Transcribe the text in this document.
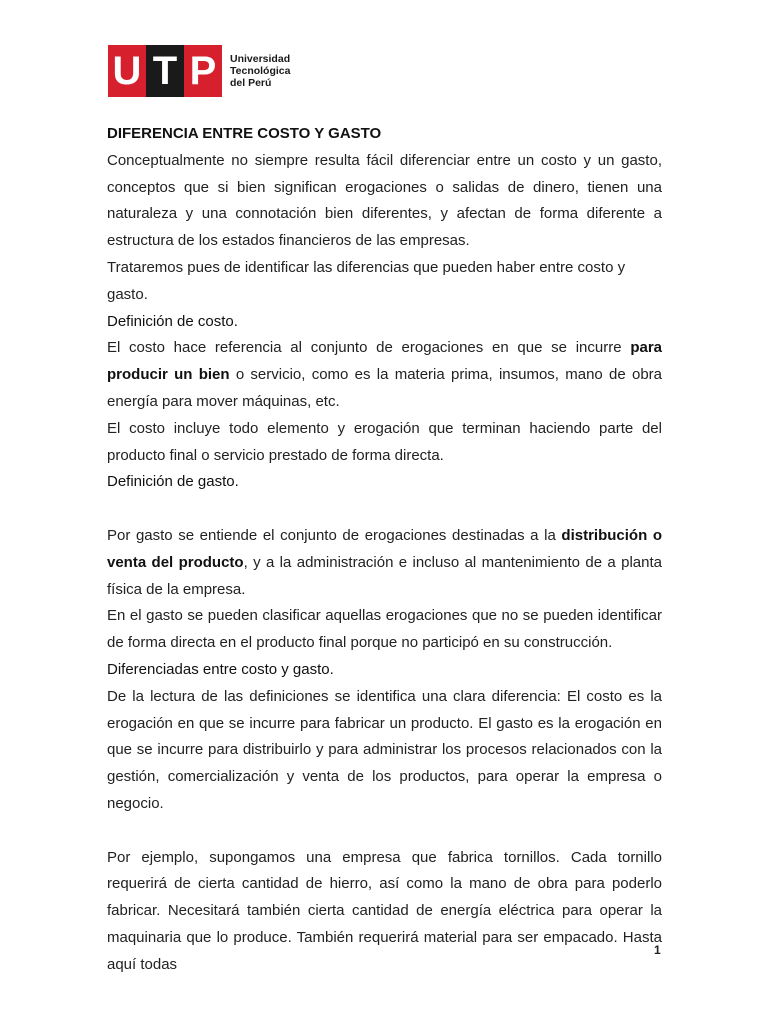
U T P	Universidad
Tecnológica
del Perú

DIFERENCIA ENTRE COSTO Y GASTO

Conceptualmente no siempre resulta fácil diferenciar entre un costo y un gasto, conceptos que si bien significan erogaciones o salidas de dinero, tienen una naturaleza y una connotación bien diferentes, y afectan de forma diferente a estructura de los estados financieros de las empresas.

Trataremos pues de identificar las diferencias que pueden haber entre costo y gasto.

Definición de costo.

El costo hace referencia al conjunto de erogaciones en que se incurre para producir un bien o servicio, como es la materia prima, insumos, mano de obra energía para mover máquinas, etc.

El costo incluye todo elemento y erogación que terminan haciendo parte del producto final o servicio prestado de forma directa.

Definición de gasto.

Por gasto se entiende el conjunto de erogaciones destinadas a la distribución o venta del producto, y a la administración e incluso al mantenimiento de a planta física de la empresa.

En el gasto se pueden clasificar aquellas erogaciones que no se pueden identificar de forma directa en el producto final porque no participó en su construcción.

Diferenciadas entre costo y gasto.

De la lectura de las definiciones se identifica una clara diferencia: El costo es la erogación en que se incurre para fabricar un producto. El gasto es la erogación en que se incurre para distribuirlo y para administrar los procesos relacionados con la gestión, comercialización y venta de los productos, para operar la empresa o negocio.

Por ejemplo, supongamos una empresa que fabrica tornillos. Cada tornillo requerirá de cierta cantidad de hierro, así como la mano de obra para poderlo fabricar. Necesitará también cierta cantidad de energía eléctrica para operar la maquinaria que lo produce. También requerirá material para ser empacado. Hasta aquí todas

1
